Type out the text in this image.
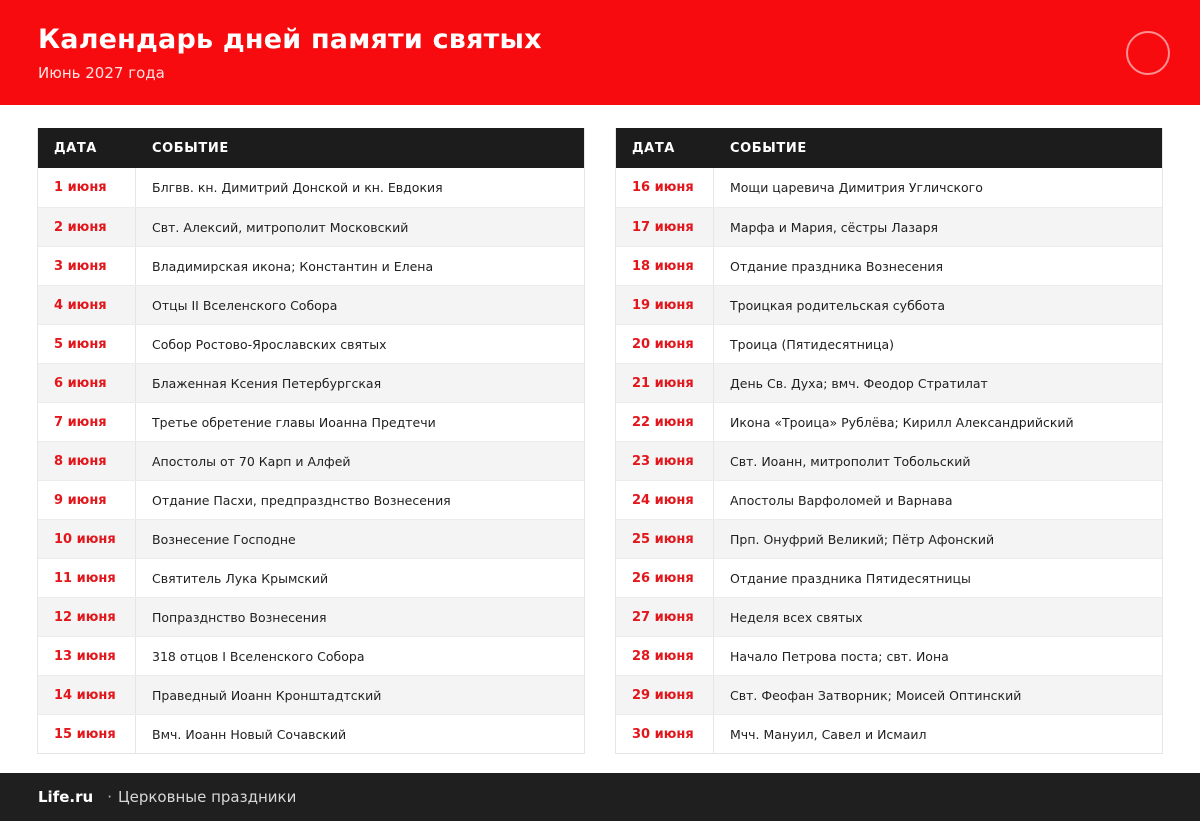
Календарь дней памяти святых
Июнь 2027 года
ДАТА	СОБЫТИЕ
1 июня	Блгвв. кн. Димитрий Донской и кн. Евдокия
2 июня	Свт. Алексий, митрополит Московский
3 июня	Владимирская икона; Константин и Елена
4 июня	Отцы II Вселенского Собора
5 июня	Собор Ростово-Ярославских святых
6 июня	Блаженная Ксения Петербургская
7 июня	Третье обретение главы Иоанна Предтечи
8 июня	Апостолы от 70 Карп и Алфей
9 июня	Отдание Пасхи, предпразднство Вознесения
10 июня	Вознесение Господне
11 июня	Святитель Лука Крымский
12 июня	Попразднство Вознесения
13 июня	318 отцов I Вселенского Собора
14 июня	Праведный Иоанн Кронштадтский
15 июня	Вмч. Иоанн Новый Сочавский
ДАТА	СОБЫТИЕ
16 июня	Мощи царевича Димитрия Угличского
17 июня	Марфа и Мария, сёстры Лазаря
18 июня	Отдание праздника Вознесения
19 июня	Троицкая родительская суббота
20 июня	Троица (Пятидесятница)
21 июня	День Св. Духа; вмч. Феодор Стратилат
22 июня	Икона «Троица» Рублёва; Кирилл Александрийский
23 июня	Свт. Иоанн, митрополит Тобольский
24 июня	Апостолы Варфоломей и Варнава
25 июня	Прп. Онуфрий Великий; Пётр Афонский
26 июня	Отдание праздника Пятидесятницы
27 июня	Неделя всех святых
28 июня	Начало Петрова поста; свт. Иона
29 июня	Свт. Феофан Затворник; Моисей Оптинский
30 июня	Мчч. Мануил, Савел и Исмаил
Life.ru · Церковные праздники
